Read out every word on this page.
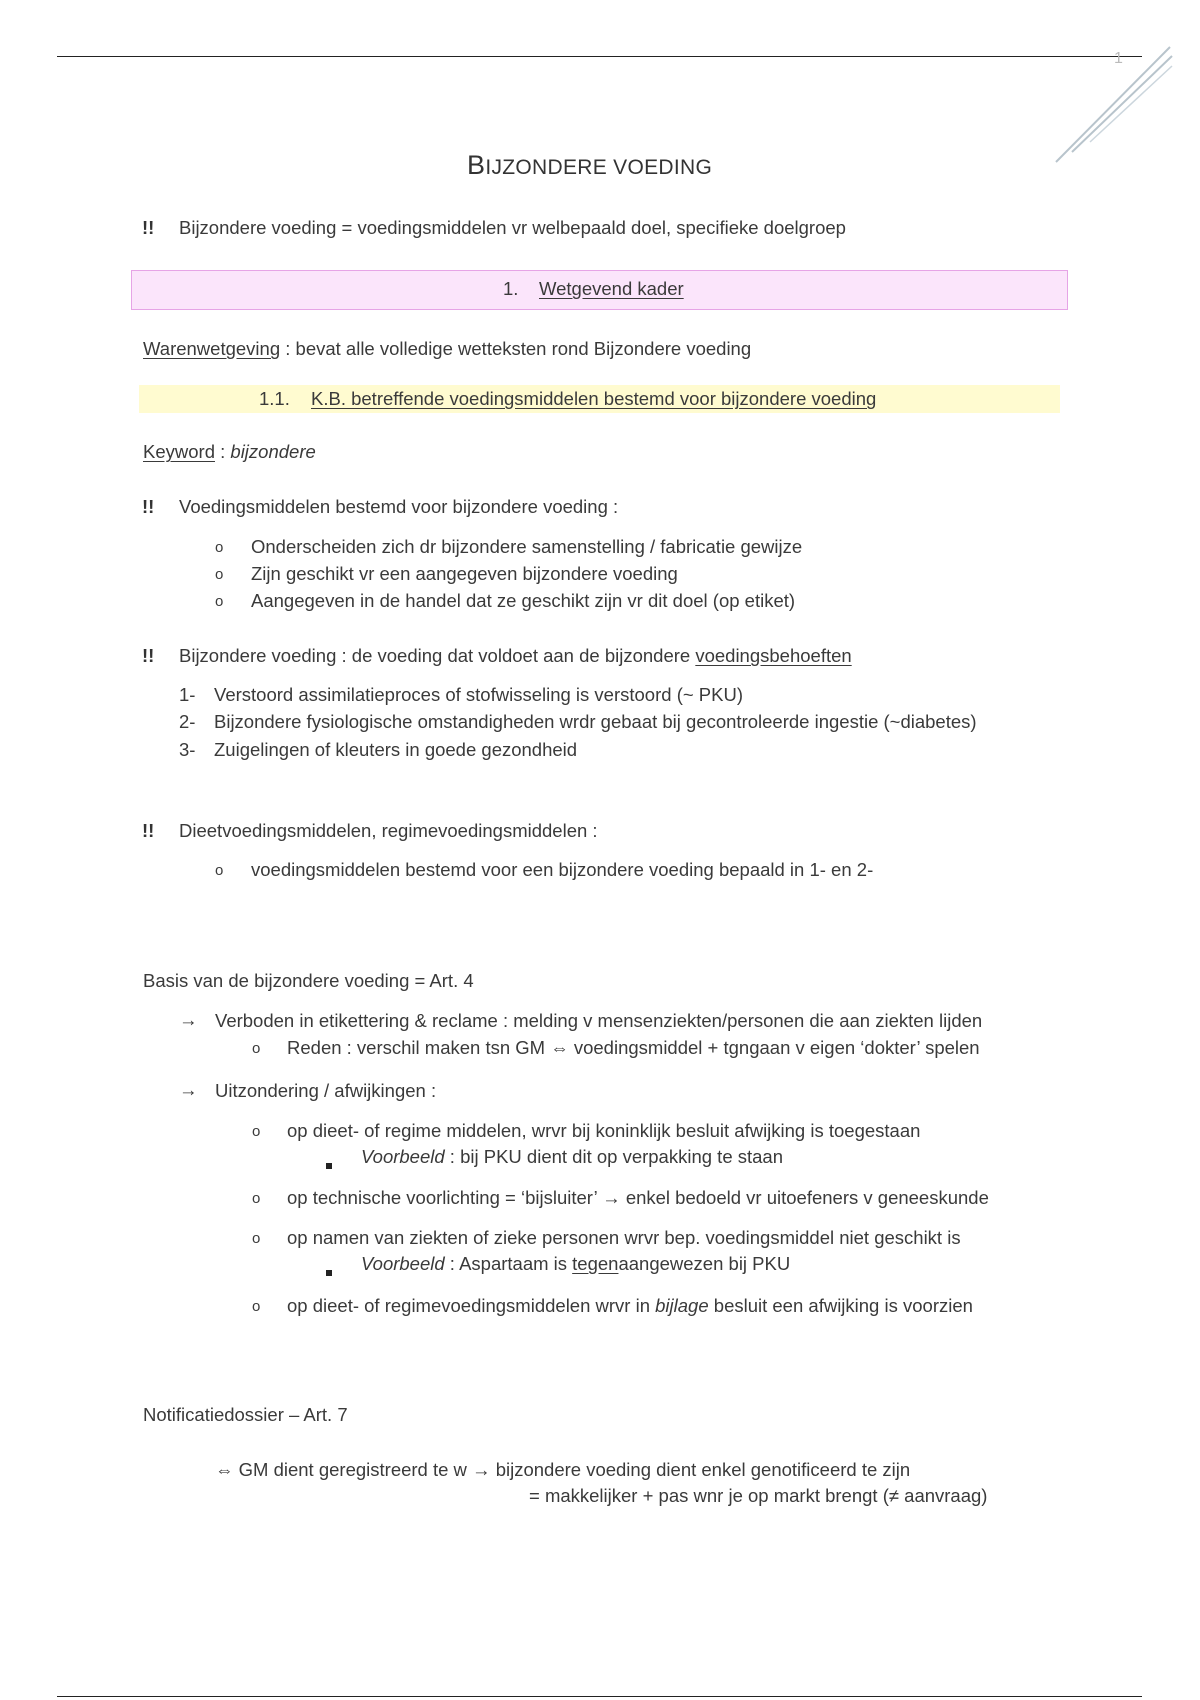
1
BIJZONDERE VOEDING
!! Bijzondere voeding = voedingsmiddelen vr welbepaald doel, specifieke doelgroep
1. Wetgevend kader
Warenwetgeving : bevat alle volledige wetteksten rond Bijzondere voeding
1.1. K.B. betreffende voedingsmiddelen bestemd voor bijzondere voeding
Keyword : bijzondere
!! Voedingsmiddelen bestemd voor bijzondere voeding :
o Onderscheiden zich dr bijzondere samenstelling / fabricatie gewijze
o Zijn geschikt vr een aangegeven bijzondere voeding
o Aangegeven in de handel dat ze geschikt zijn vr dit doel (op etiket)
!! Bijzondere voeding : de voeding dat voldoet aan de bijzondere voedingsbehoeften
1- Verstoord assimilatieproces of stofwisseling is verstoord (~ PKU)
2- Bijzondere fysiologische omstandigheden wrdr gebaat bij gecontroleerde ingestie (~diabetes)
3- Zuigelingen of kleuters in goede gezondheid
!! Dieetvoedingsmiddelen, regimevoedingsmiddelen :
o voedingsmiddelen bestemd voor een bijzondere voeding bepaald in 1- en 2-
Basis van de bijzondere voeding = Art. 4
→ Verboden in etikettering & reclame : melding v mensenziekten/personen die aan ziekten lijden
o Reden : verschil maken tsn GM ⇔ voedingsmiddel + tgngaan v eigen ‘dokter’ spelen
→ Uitzondering / afwijkingen :
o op dieet- of regime middelen, wrvr bij koninklijk besluit afwijking is toegestaan
Voorbeeld : bij PKU dient dit op verpakking te staan
o op technische voorlichting = ‘bijsluiter’ → enkel bedoeld vr uitoefeners v geneeskunde
o op namen van ziekten of zieke personen wrvr bep. voedingsmiddel niet geschikt is
Voorbeeld : Aspartaam is tegenaangewezen bij PKU
o op dieet- of regimevoedingsmiddelen wrvr in bijlage besluit een afwijking is voorzien
Notificatiedossier – Art. 7
⇔ GM dient geregistreerd te w → bijzondere voeding dient enkel genotificeerd te zijn
= makkelijker + pas wnr je op markt brengt (≠ aanvraag)
